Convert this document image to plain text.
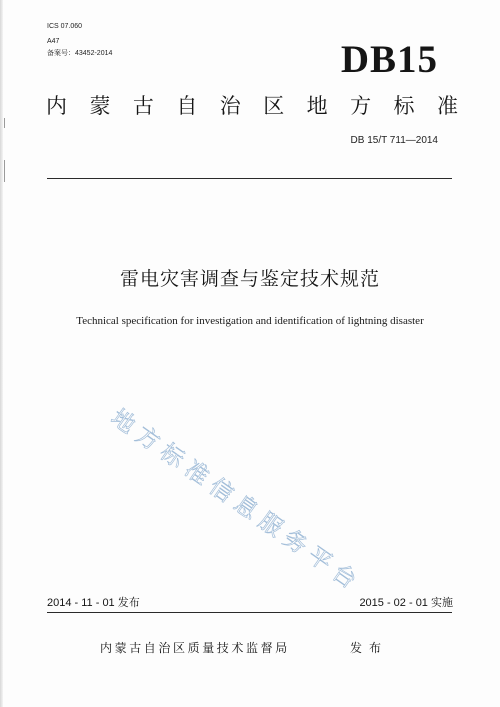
ICS 07.060
A47
备案号：43452-2014	DB15
内 蒙 古 自 治 区 地 方 标 准
DB 15/T 711—2014
雷电灾害调查与鉴定技术规范
Technical specification for investigation and identification of lightning disaster
地方标准信息服务平台
2014 - 11 - 01 发布	2015 - 02 - 01 实施
内蒙古自治区质量技术监督局	发布
